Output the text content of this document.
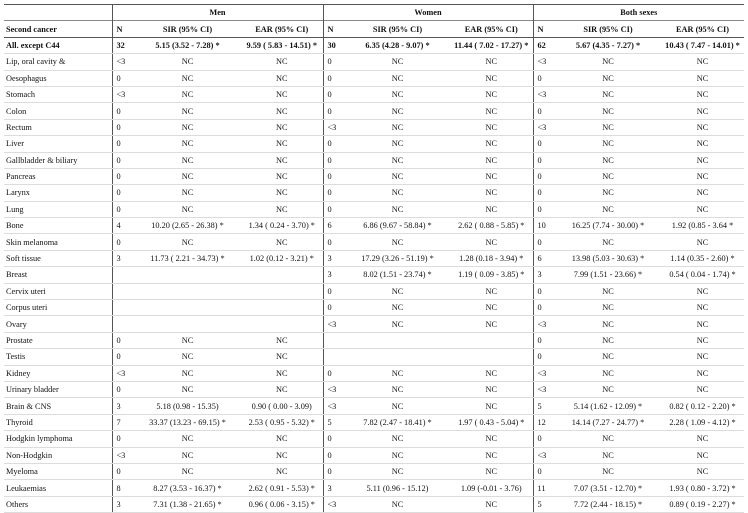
	Men			Women			Both sexes		
Second cancer	N	SIR (95% CI)	EAR (95% CI)	N	SIR (95% CI)	EAR (95% CI)	N	SIR (95% CI)	EAR (95% CI)
All. except C44	32	5.15 (3.52 - 7.28) *	9.59 ( 5.83 - 14.51) *	30	6.35 (4.28 - 9.07) *	11.44 ( 7.02 - 17.27) *	62	5.67 (4.35 - 7.27) *	10.43 ( 7.47 - 14.01) *
Lip, oral cavity &	<3	NC	NC	0	NC	NC	<3	NC	NC
Oesophagus	0	NC	NC	0	NC	NC	0	NC	NC
Stomach	<3	NC	NC	0	NC	NC	<3	NC	NC
Colon	0	NC	NC	0	NC	NC	0	NC	NC
Rectum	0	NC	NC	<3	NC	NC	<3	NC	NC
Liver	0	NC	NC	0	NC	NC	0	NC	NC
Gallbladder & biliary	0	NC	NC	0	NC	NC	0	NC	NC
Pancreas	0	NC	NC	0	NC	NC	0	NC	NC
Larynx	0	NC	NC	0	NC	NC	0	NC	NC
Lung	0	NC	NC	0	NC	NC	0	NC	NC
Bone	4	10.20 (2.65 - 26.38) *	1.34 ( 0.24 - 3.70) *	6	6.86 (9.67 - 58.84) *	2.62 ( 0.88 - 5.85) *	10	16.25 (7.74 - 30.00) *	1.92 (0.85 - 3.64 *
Skin melanoma	0	NC	NC	0	NC	NC	0	NC	NC
Soft tissue	3	11.73 ( 2.21 - 34.73) *	1.02 (0.12 - 3.21) *	3	17.29 (3.26 - 51.19) *	1.28 (0.18 - 3.94) *	6	13.98 (5.03 - 30.63) *	1.14 (0.35 - 2.60) *
Breast				3	8.02 (1.51 - 23.74) *	1.19 ( 0.09 - 3.85) *	3	7.99 (1.51 - 23.66) *	0.54 ( 0.04 - 1.74) *
Cervix uteri				0	NC	NC	0	NC	NC
Corpus uteri				0	NC	NC	0	NC	NC
Ovary				<3	NC	NC	<3	NC	NC
Prostate	0	NC	NC				0	NC	NC
Testis	0	NC	NC				0	NC	NC
Kidney	<3	NC	NC	0	NC	NC	<3	NC	NC
Urinary bladder	0	NC	NC	<3	NC	NC	<3	NC	NC
Brain & CNS	3	5.18 (0.98 - 15.35)	0.90 ( 0.00 - 3.09)	<3	NC	NC	5	5.14 (1.62 - 12.09) *	0.82 ( 0.12 - 2.20) *
Thyroid	7	33.37 (13.23 - 69.15) *	2.53 ( 0.95 - 5.32) *	5	7.82 (2.47 - 18.41) *	1.97 ( 0.43 - 5.04) *	12	14.14 (7.27 - 24.77) *	2.28 ( 1.09 - 4.12) *
Hodgkin lymphoma	0	NC	NC	0	NC	NC	0	NC	NC
Non-Hodgkin	<3	NC	NC	0	NC	NC	<3	NC	NC
Myeloma	0	NC	NC	0	NC	NC	0	NC	NC
Leukaemias	8	8.27 (3.53 - 16.37) *	2.62 ( 0.91 - 5.53) *	3	5.11 (0.96 - 15.12)	1.09 (-0.01 - 3.76)	11	7.07 (3.51 - 12.70) *	1.93 ( 0.80 - 3.72) *
Others	3	7.31 (1.38 - 21.65) *	0.96 ( 0.06 - 3.15) *	<3	NC	NC	5	7.72 (2.44 - 18.15) *	0.89 ( 0.19 - 2.27) *
